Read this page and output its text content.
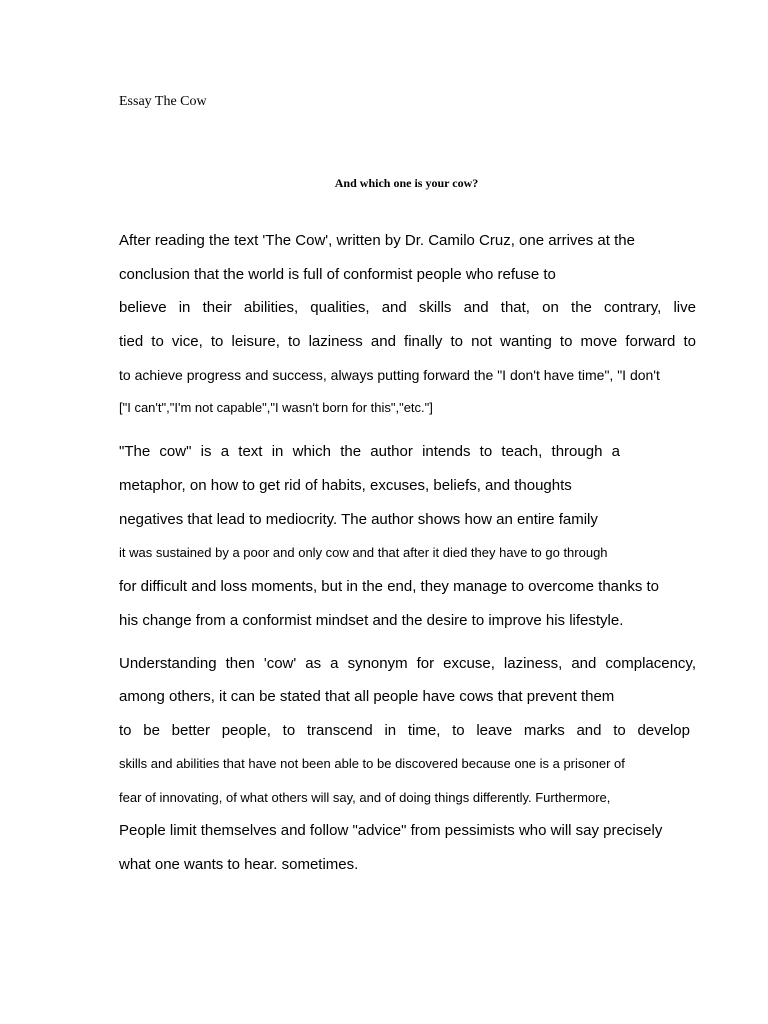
Essay The Cow
And which one is your cow?
After reading the text 'The Cow', written by Dr. Camilo Cruz, one arrives at the
conclusion that the world is full of conformist people who refuse to
believe in their abilities, qualities, and skills and that, on the contrary, live
tied to vice, to leisure, to laziness and finally to not wanting to move forward to
to achieve progress and success, always putting forward the "I don't have time", "I don't
["I can't","I'm not capable","I wasn't born for this","etc."]
"The cow" is a text in which the author intends to teach, through a
metaphor, on how to get rid of habits, excuses, beliefs, and thoughts
negatives that lead to mediocrity. The author shows how an entire family
it was sustained by a poor and only cow and that after it died they have to go through
for difficult and loss moments, but in the end, they manage to overcome thanks to
his change from a conformist mindset and the desire to improve his lifestyle.
Understanding then 'cow' as a synonym for excuse, laziness, and complacency,
among others, it can be stated that all people have cows that prevent them
to be better people, to transcend in time, to leave marks and to develop
skills and abilities that have not been able to be discovered because one is a prisoner of
fear of innovating, of what others will say, and of doing things differently. Furthermore,
People limit themselves and follow "advice" from pessimists who will say precisely
what one wants to hear. sometimes.
